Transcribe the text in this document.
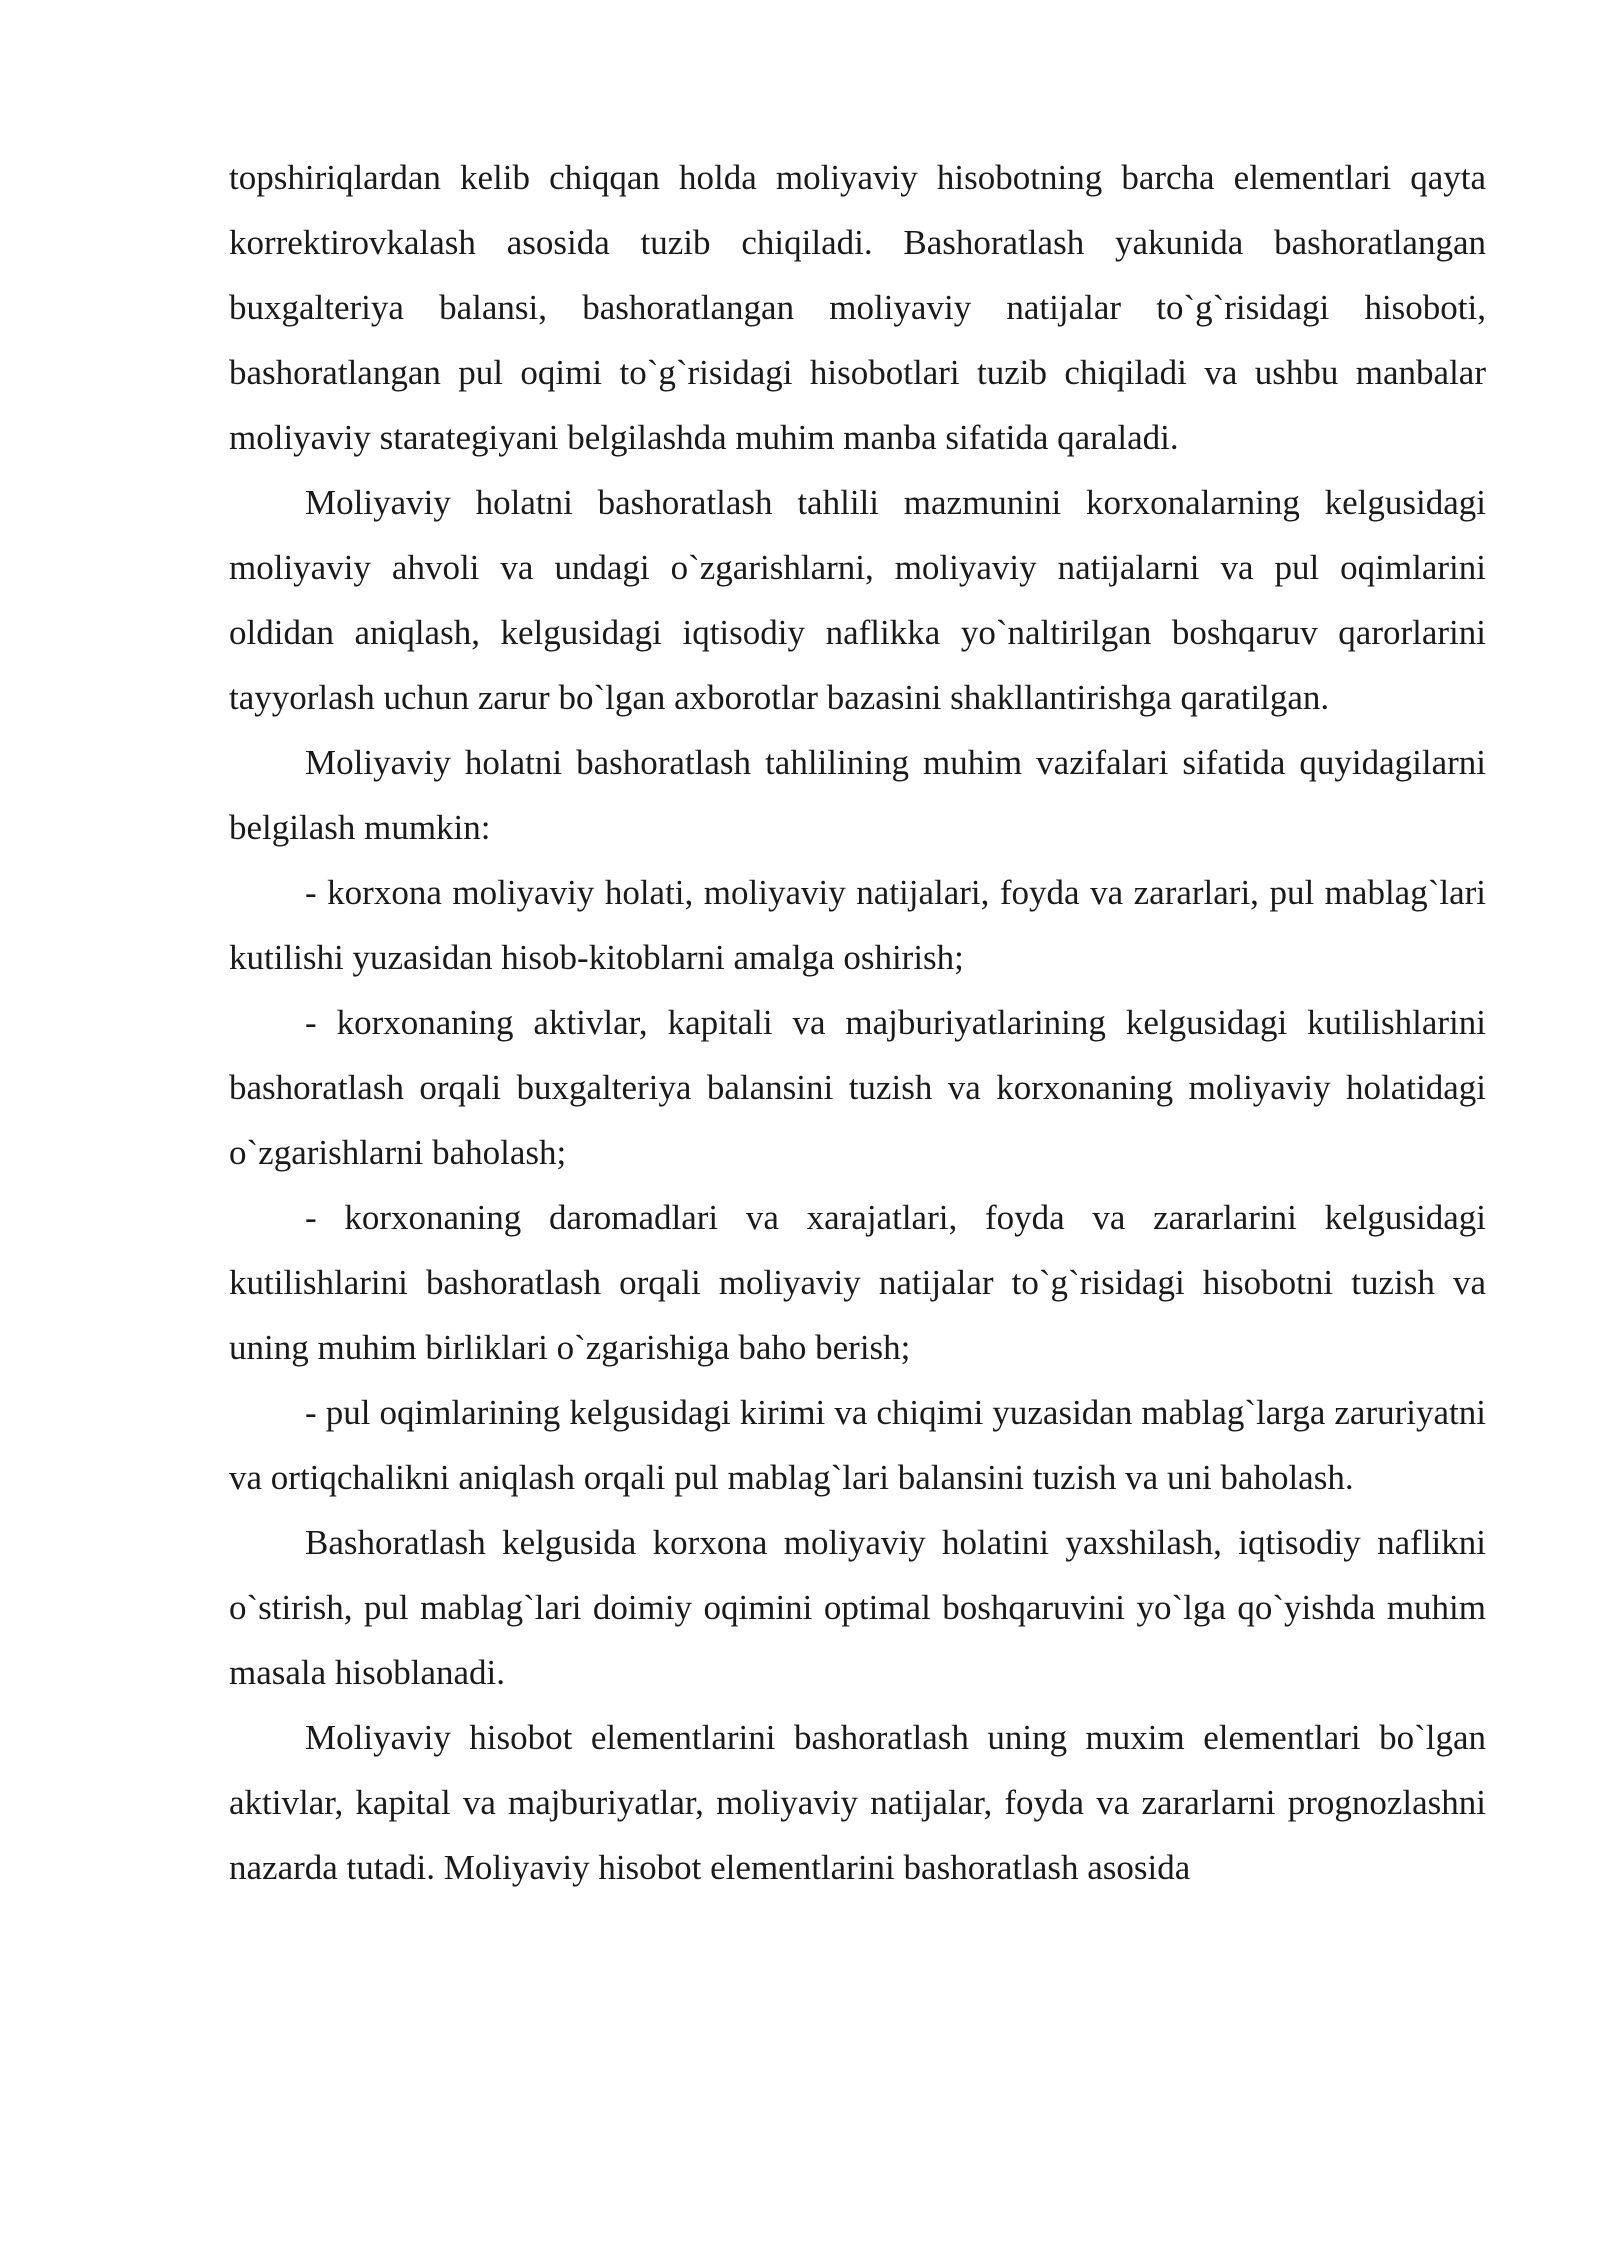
topshiriqlardan kelib chiqqan holda moliyaviy hisobotning barcha elementlari qayta korrektirovkalash asosida tuzib chiqiladi. Bashoratlash yakunida bashoratlangan buxgalteriya balansi, bashoratlangan moliyaviy natijalar to`g`risidagi hisoboti, bashoratlangan pul oqimi to`g`risidagi hisobotlari tuzib chiqiladi va ushbu manbalar moliyaviy starategiyani belgilashda muhim manba sifatida qaraladi.

Moliyaviy holatni bashoratlash tahlili mazmunini korxonalarning kelgusidagi moliyaviy ahvoli va undagi o`zgarishlarni, moliyaviy natijalarni va pul oqimlarini oldidan aniqlash, kelgusidagi iqtisodiy naflikka yo`naltirilgan boshqaruv qarorlarini tayyorlash uchun zarur bo`lgan axborotlar bazasini shakllantirishga qaratilgan.

Moliyaviy holatni bashoratlash tahlilining muhim vazifalari sifatida quyidagilarni belgilash mumkin:

- korxona moliyaviy holati, moliyaviy natijalari, foyda va zararlari, pul mablag`lari kutilishi yuzasidan hisob-kitoblarni amalga oshirish;

- korxonaning aktivlar, kapitali va majburiyatlarining kelgusidagi kutilishlarini bashoratlash orqali buxgalteriya balansini tuzish va korxonaning moliyaviy holatidagi o`zgarishlarni baholash;

- korxonaning daromadlari va xarajatlari, foyda va zararlarini kelgusidagi kutilishlarini bashoratlash orqali moliyaviy natijalar to`g`risidagi hisobotni tuzish va uning muhim birliklari o`zgarishiga baho berish;

- pul oqimlarining kelgusidagi kirimi va chiqimi yuzasidan mablag`larga zaruriyatni va ortiqchalikni aniqlash orqali pul mablag`lari balansini tuzish va uni baholash.

Bashoratlash kelgusida korxona moliyaviy holatini yaxshilash, iqtisodiy naflikni o`stirish, pul mablag`lari doimiy oqimini optimal boshqaruvini yo`lga qo`yishda muhim masala hisoblanadi.

Moliyaviy hisobot elementlarini bashoratlash uning muxim elementlari bo`lgan aktivlar, kapital va majburiyatlar, moliyaviy natijalar, foyda va zararlarni prognozlashni nazarda tutadi. Moliyaviy hisobot elementlarini bashoratlash asosida
